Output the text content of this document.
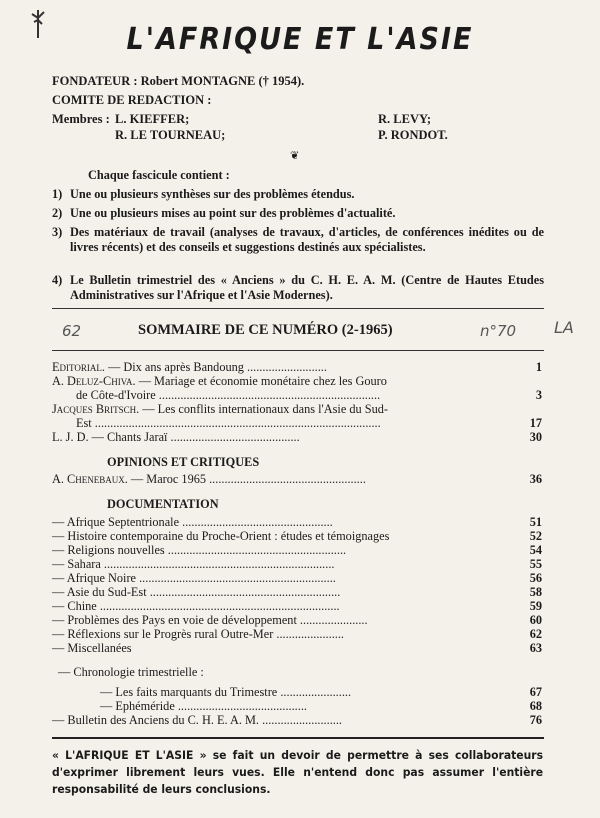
L'AFRIQUE ET L'ASIE
FONDATEUR : Robert MONTAGNE († 1954).
COMITE DE REDACTION :
Membres : L. KIEFFER;	R. LEVY;
R. LE TOURNEAU;	P. RONDOT.
❦
Chaque fascicule contient :
1) Une ou plusieurs synthèses sur des problèmes étendus.
2) Une ou plusieurs mises au point sur des problèmes d'actualité.
3) Des matériaux de travail (analyses de travaux, d'articles, de conférences inédites ou de livres récents) et des conseils et suggestions destinés aux spécialistes.
4) Le Bulletin trimestriel des « Anciens » du C. H. E. A. M. (Centre de Hautes Etudes Administratives sur l'Afrique et l'Asie Modernes).
62	SOMMAIRE DE CE NUMÉRO (2-1965)	n°70 LA
Editorial. — Dix ans après Bandoung ..........................	1
A. Deluz-Chiva. — Mariage et économie monétaire chez les Gouro
de Côte-d'Ivoire ........................................................................	3
Jacques Britsch. — Les conflits internationaux dans l'Asie du Sud-
Est .............................................................................................	17
L. J. D. — Chants Jaraï ..........................................	30
OPINIONS ET CRITIQUES
A. Chenebaux. — Maroc 1965 ...................................................	36
DOCUMENTATION
— Afrique Septentrionale .................................................	51
— Histoire contemporaine du Proche-Orient : études et témoignages	52
— Religions nouvelles ..........................................................	54
— Sahara ...........................................................................	55
— Afrique Noire ................................................................	56
— Asie du Sud-Est ..............................................................	58
— Chine ..............................................................................	59
— Problèmes des Pays en voie de développement ......................	60
— Réflexions sur le Progrès rural Outre-Mer ......................	62
— Miscellanées	63
— Chronologie trimestrielle :
— Les faits marquants du Trimestre .......................	67
— Ephéméride ..........................................	68
— Bulletin des Anciens du C. H. E. A. M. ..........................	76
« L'AFRIQUE ET L'ASIE » se fait un devoir de permettre à ses collaborateurs d'exprimer librement leurs vues. Elle n'entend donc pas assumer l'entière responsabilité de leurs conclusions.
